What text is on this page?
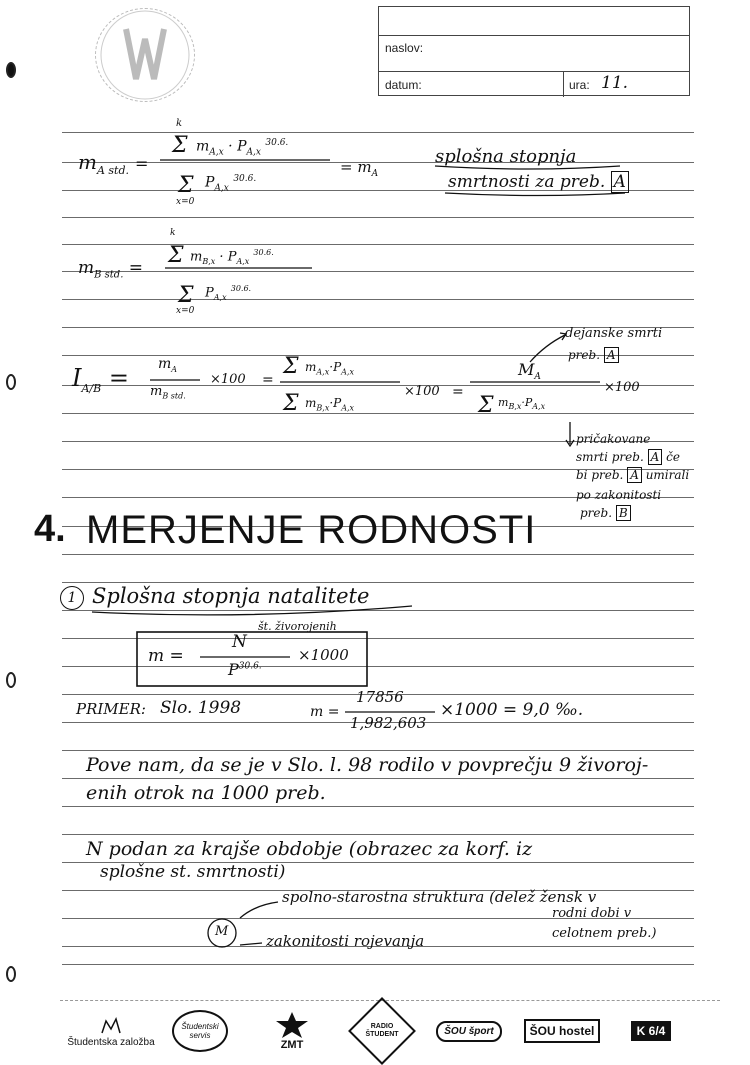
naslov:
datum:	ura: 11.
Σ
Σ
Σ
Σ
Σ
Σ	Σ
$m_{A std.}$ =
k
$m_{A,x} \cdot P_{A,x}$ $^{30.6.}$
$P_{A,x}$ $^{30.6.}$
x=0
= $m_A$
splošna stopnja
smrtnosti za preb. A
$m_{B std.}$ =
k
$m_{B,x} \cdot P_{A,x}$ $^{30.6.}$
$P_{A,x}$ $^{30.6.}$
x=0
$I_{A/B} = m_A$
$m_{B std.}$
×100 =
$m_{A,x}\cdot P_{A,x}$
$m_{B,x}\cdot P_{A,x}$
×100 =
$M_A$
$m_{B,x}\cdot P_{A,x}$
×100
dejanske smrti
preb. A
pričakovane
smrti preb. A če
bi preb. A umirali
po zakonitosti
preb. B
4. MERJENJE RODNOSTI
1 Splošna stopnja natalitete
m =
N
št. živorojenih
$P^{30.6.}$
×1000
PRIMER: Slo. 1998	m =
17856
1,982,603
×1000 = 9,0 ‰.
Pove nam, da se je v Slo. l. 98 rodilo v povprečju 9 živoroj-
enih otrok na 1000 preb.
N podan za krajše obdobje (obrazec za korf. iz
splošne st. smrtnosti)
spolno-starostna struktura (delež žensk v
rodni dobi v
celotnem preb.)
M
zakonitosti rojevanja
Študentska založba
Študentski servis
ZMT
RADIO ŠTUDENT	ŠOU šport	ŠOU hostel	K 6/4
